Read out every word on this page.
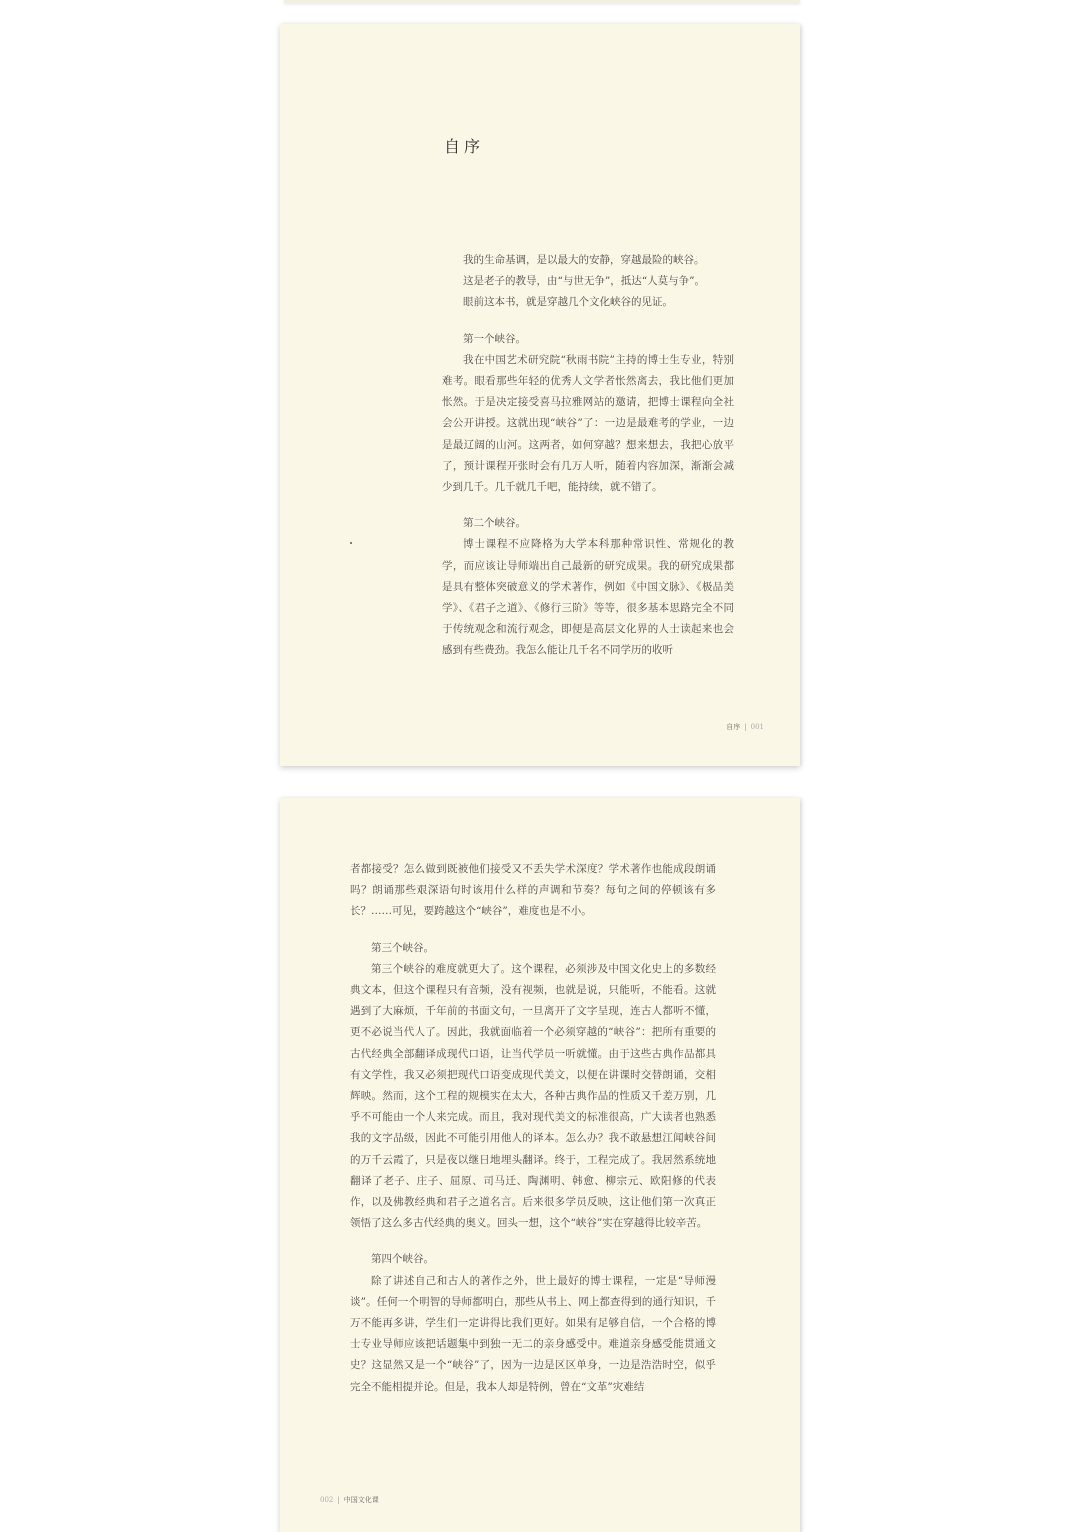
自序

我的生命基调，是以最大的安静，穿越最险的峡谷。

这是老子的教导，由“与世无争”，抵达“人莫与争”。

眼前这本书，就是穿越几个文化峡谷的见证。

第一个峡谷。

我在中国艺术研究院“秋雨书院”主持的博士生专业，特别难考。眼看那些年轻的优秀人文学者怅然离去，我比他们更加怅然。于是决定接受喜马拉雅网站的邀请，把博士课程向全社会公开讲授。这就出现“峡谷”了：一边是最难考的学业，一边是最辽阔的山河。这两者，如何穿越？想来想去，我把心放平了，预计课程开张时会有几万人听，随着内容加深，渐渐会减少到几千。几千就几千吧，能持续，就不错了。

第二个峡谷。

博士课程不应降格为大学本科那种常识性、常规化的教学，而应该让导师端出自己最新的研究成果。我的研究成果都是具有整体突破意义的学术著作，例如《中国文脉》、《极品美学》、《君子之道》、《修行三阶》等等，很多基本思路完全不同于传统观念和流行观念，即便是高层文化界的人士读起来也会感到有些费劲。我怎么能让几千名不同学历的收听

自序 | 001

者都接受？怎么做到既被他们接受又不丢失学术深度？学术著作也能成段朗诵吗？朗诵那些艰深语句时该用什么样的声调和节奏？每句之间的停顿该有多长？……可见，要跨越这个“峡谷”，难度也是不小。

第三个峡谷。

第三个峡谷的难度就更大了。这个课程，必须涉及中国文化史上的多数经典文本，但这个课程只有音频，没有视频，也就是说，只能听，不能看。这就遇到了大麻烦，千年前的书面文句，一旦离开了文字呈现，连古人都听不懂，更不必说当代人了。因此，我就面临着一个必须穿越的“峡谷”：把所有重要的古代经典全部翻译成现代口语，让当代学员一听就懂。由于这些古典作品都具有文学性，我又必须把现代口语变成现代美文，以便在讲课时交替朗诵，交相辉映。然而，这个工程的规模实在太大，各种古典作品的性质又千差万别，几乎不可能由一个人来完成。而且，我对现代美文的标准很高，广大读者也熟悉我的文字品级，因此不可能引用他人的译本。怎么办？我不敢悬想江闻峡谷间的万千云霞了，只是夜以继日地埋头翻译。终于，工程完成了。我居然系统地翻译了老子、庄子、屈原、司马迁、陶渊明、韩愈、柳宗元、欧阳修的代表作，以及佛教经典和君子之道名言。后来很多学员反映，这让他们第一次真正领悟了这么多古代经典的奥义。回头一想，这个“峡谷”实在穿越得比较辛苦。

第四个峡谷。

除了讲述自己和古人的著作之外，世上最好的博士课程，一定是“导师漫谈”。任何一个明智的导师都明白，那些从书上、网上都查得到的通行知识，千万不能再多讲，学生们一定讲得比我们更好。如果有足够自信，一个合格的博士专业导师应该把话题集中到独一无二的亲身感受中。难道亲身感受能贯通文史？这显然又是一个“峡谷”了，因为一边是区区单身，一边是浩浩时空，似乎完全不能相提并论。但是，我本人却是特例，曾在“文革”灾难结

002 | 中国文化课
